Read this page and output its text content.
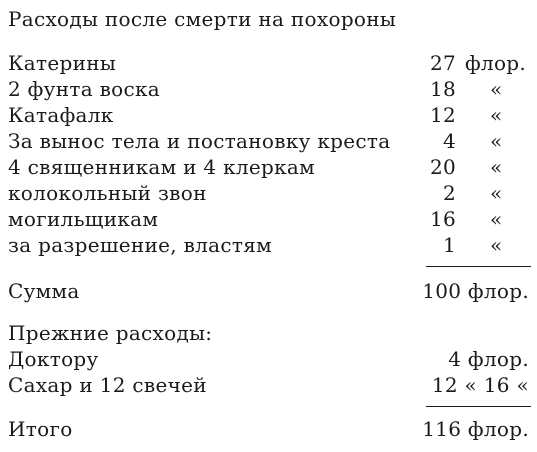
Расходы после смерти на похороны
Катерины	27 флор.
2 фунта воска	18 «
Катафалк	12 «
За вынос тела и постановку креста	4 «
4 священникам и 4 клеркам	20 «
колокольный звон	2 «
могильщикам	16 «
за разрешение, властям	1 «
Сумма	100 флор.
Прежние расходы:
Доктору	4 флор.
Сахар и 12 свечей	12 « 16 «
Итого	116 флор.
